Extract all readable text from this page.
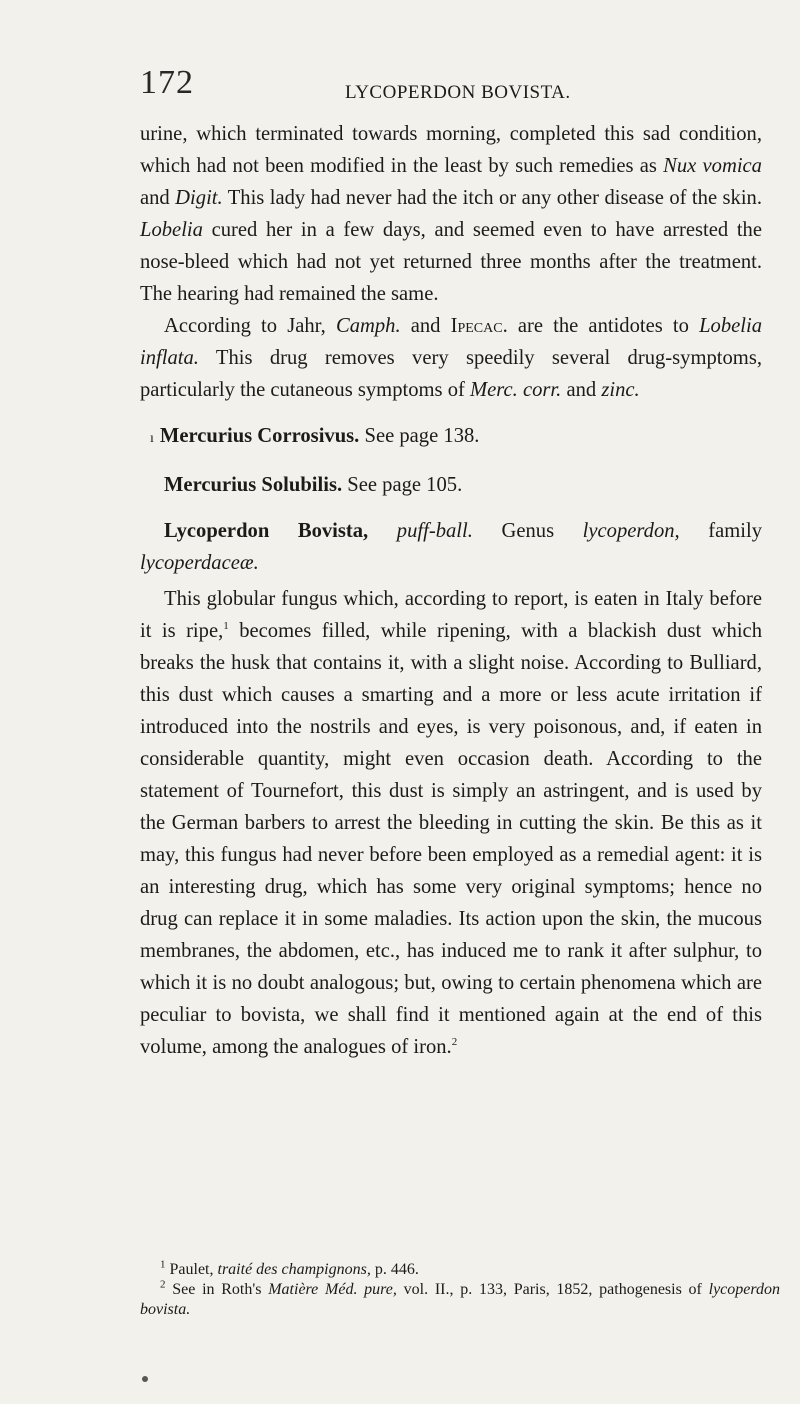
172	LYCOPERDON BOVISTA.

urine, which terminated towards morning, completed this sad condition, which had not been modified in the least by such remedies as Nux vomica and Digit. This lady had never had the itch or any other disease of the skin. Lobelia cured her in a few days, and seemed even to have arrested the nose-bleed which had not yet returned three months after the treatment. The hearing had remained the same.

According to Jahr, Camph. and Ipecac. are the antidotes to Lobelia inflata. This drug removes very speedily several drug-symptoms, particularly the cutaneous symptoms of Merc. corr. and zinc.

ı Mercurius Corrosivus. See page 138.

Mercurius Solubilis. See page 105.

Lycoperdon Bovista, puff-ball. Genus lycoperdon, family lycoperdaceæ.

This globular fungus which, according to report, is eaten in Italy before it is ripe,$^1$ becomes filled, while ripening, with a blackish dust which breaks the husk that contains it, with a slight noise. According to Bulliard, this dust which causes a smarting and a more or less acute irritation if introduced into the nostrils and eyes, is very poisonous, and, if eaten in considerable quantity, might even occasion death. According to the statement of Tournefort, this dust is simply an astringent, and is used by the German barbers to arrest the bleeding in cutting the skin. Be this as it may, this fungus had never before been employed as a remedial agent: it is an interesting drug, which has some very original symptoms; hence no drug can replace it in some maladies. Its action upon the skin, the mucous membranes, the abdomen, etc., has induced me to rank it after sulphur, to which it is no doubt analogous; but, owing to certain phenomena which are peculiar to bovista, we shall find it mentioned again at the end of this volume, among the analogues of iron.$^2$

$^1$ Paulet, traité des champignons, p. 446.

$^2$ See in Roth's Matière Méd. pure, vol. II., p. 133, Paris, 1852, pathogenesis of lycoperdon bovista.
